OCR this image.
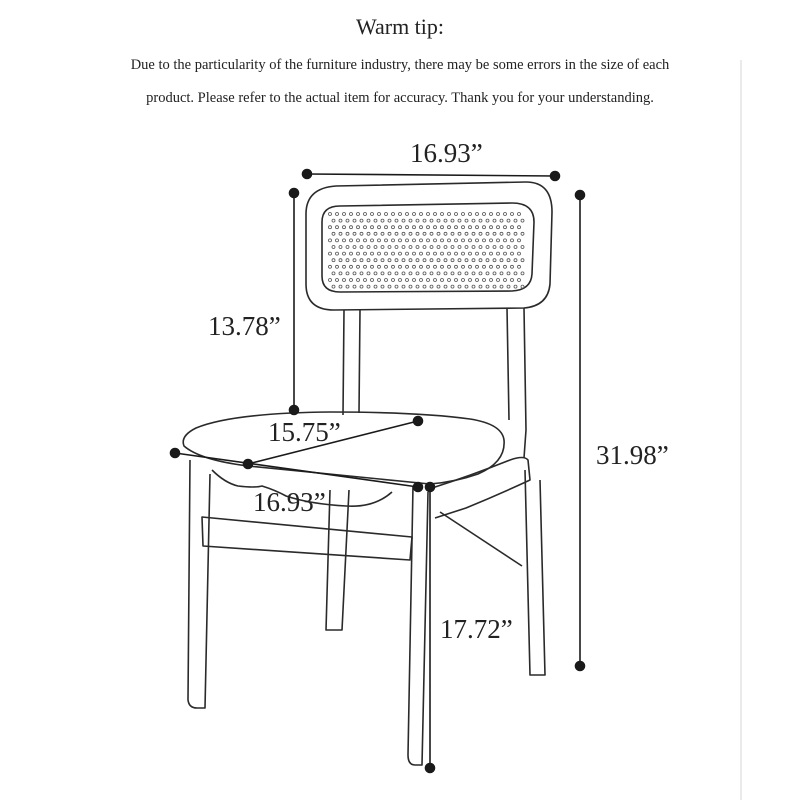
Warm tip:
Due to the particularity of the furniture industry, there may be some errors in the size of each
product. Please refer to the actual item for accuracy. Thank you for your understanding.
16.93”
13.78”
15.75”
16.93”
31.98”
17.72”
